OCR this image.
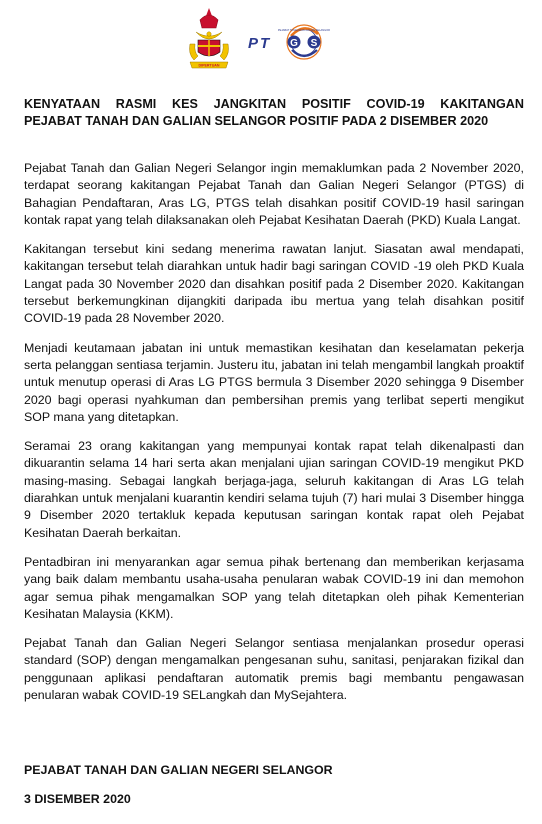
DIPERTUAN
P T G S
PEJABAT TANAH DAN GALIAN SELANGOR
KENYATAAN RASMI KES JANGKITAN POSITIF COVID-19 KAKITANGAN
PEJABAT TANAH DAN GALIAN SELANGOR POSITIF PADA 2 DISEMBER 2020

Pejabat Tanah dan Galian Negeri Selangor ingin memaklumkan pada 2 November 2020, terdapat seorang kakitangan Pejabat Tanah dan Galian Negeri Selangor (PTGS) di Bahagian Pendaftaran, Aras LG, PTGS telah disahkan positif COVID-19 hasil saringan kontak rapat yang telah dilaksanakan oleh Pejabat Kesihatan Daerah (PKD) Kuala Langat.

Kakitangan tersebut kini sedang menerima rawatan lanjut. Siasatan awal mendapati, kakitangan tersebut telah diarahkan untuk hadir bagi saringan COVID -19 oleh PKD Kuala Langat pada 30 November 2020 dan disahkan positif pada 2 Disember 2020. Kakitangan tersebut berkemungkinan dijangkiti daripada ibu mertua yang telah disahkan positif COVID-19 pada 28 November 2020.

Menjadi keutamaan jabatan ini untuk memastikan kesihatan dan keselamatan pekerja serta pelanggan sentiasa terjamin. Justeru itu, jabatan ini telah mengambil langkah proaktif untuk menutup operasi di Aras LG PTGS bermula 3 Disember 2020 sehingga 9 Disember 2020 bagi operasi nyahkuman dan pembersihan premis yang terlibat seperti mengikut SOP mana yang ditetapkan.

Seramai 23 orang kakitangan yang mempunyai kontak rapat telah dikenalpasti dan dikuarantin selama 14 hari serta akan menjalani ujian saringan COVID-19 mengikut PKD masing-masing. Sebagai langkah berjaga-jaga, seluruh kakitangan di Aras LG telah diarahkan untuk menjalani kuarantin kendiri selama tujuh (7) hari mulai 3 Disember hingga 9 Disember 2020 tertakluk kepada keputusan saringan kontak rapat oleh Pejabat Kesihatan Daerah berkaitan.

Pentadbiran ini menyarankan agar semua pihak bertenang dan memberikan kerjasama yang baik dalam membantu usaha-usaha penularan wabak COVID-19 ini dan memohon agar semua pihak mengamalkan SOP yang telah ditetapkan oleh pihak Kementerian Kesihatan Malaysia (KKM).

Pejabat Tanah dan Galian Negeri Selangor sentiasa menjalankan prosedur operasi standard (SOP) dengan mengamalkan pengesanan suhu, sanitasi, penjarakan fizikal dan penggunaan aplikasi pendaftaran automatik premis bagi membantu pengawasan penularan wabak COVID-19 SELangkah dan MySejahtera.

PEJABAT TANAH DAN GALIAN NEGERI SELANGOR
3 DISEMBER 2020
